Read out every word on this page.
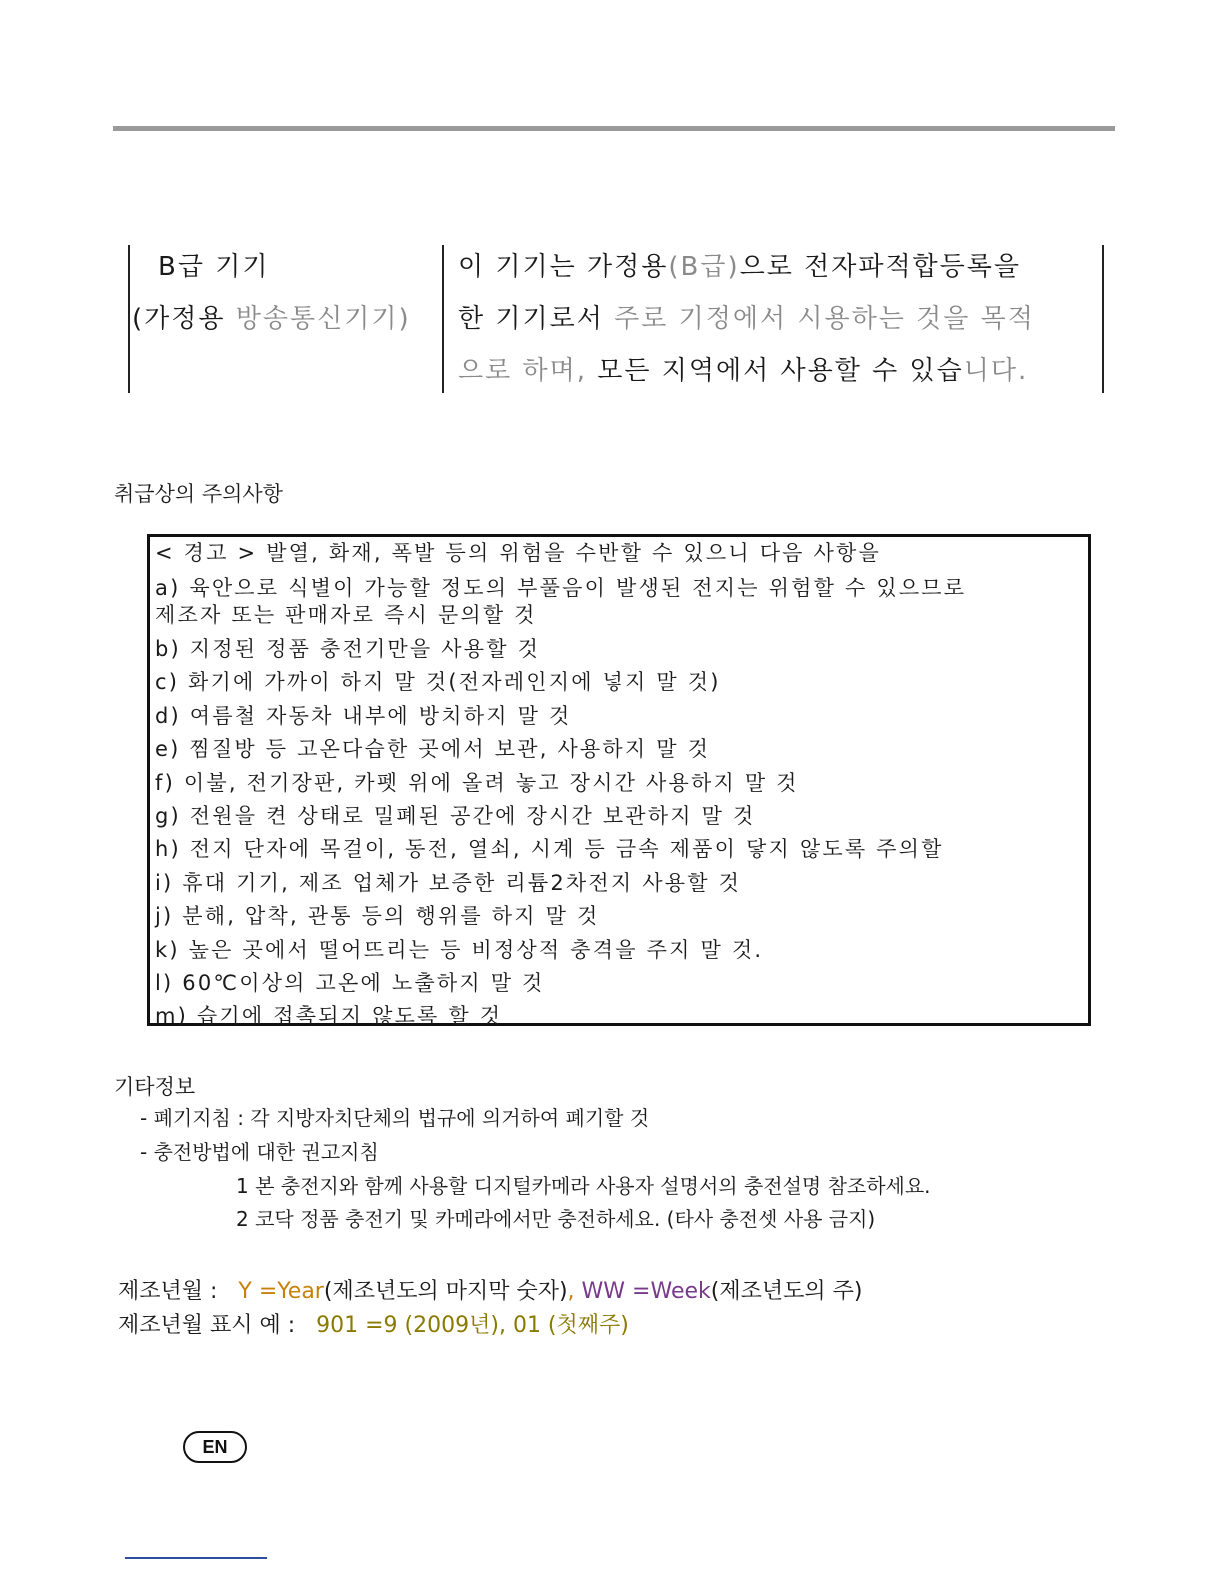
B급 기기
(가정용 방송통신기기)
이 기기는 가정용(B급)으로 전자파적합등록을
한 기기로서 주로 기정에서 시용하는 것을 목적
으로 하며, 모든 지역에서 사용할 수 있습니다.
취급상의 주의사항
< 경고 > 발열, 화재, 폭발 등의 위험을 수반할 수 있으니 다음 사항을
a) 육안으로 식별이 가능할 정도의 부풀음이 발생된 전지는 위험할 수 있으므로
제조자 또는 판매자로 즉시 문의할 것
b) 지정된 정품 충전기만을 사용할 것
c) 화기에 가까이 하지 말 것(전자레인지에 넣지 말 것)
d) 여름철 자동차 내부에 방치하지 말 것
e) 찜질방 등 고온다습한 곳에서 보관, 사용하지 말 것
f) 이불, 전기장판, 카펫 위에 올려 놓고 장시간 사용하지 말 것
g) 전원을 켠 상태로 밀폐된 공간에 장시간 보관하지 말 것
h) 전지 단자에 목걸이, 동전, 열쇠, 시계 등 금속 제품이 닿지 않도록 주의할
i) 휴대 기기, 제조 업체가 보증한 리튬2차전지 사용할 것
j) 분해, 압착, 관통 등의 행위를 하지 말 것
k) 높은 곳에서 떨어뜨리는 등 비정상적 충격을 주지 말 것.
l) 60℃이상의 고온에 노출하지 말 것
m) 습기에 접촉되지 않도록 할 것
기타정보
- 폐기지침 : 각 지방자치단체의 법규에 의거하여 폐기할 것
- 충전방법에 대한 권고지침
1 본 충전지와 함께 사용할 디지털카메라 사용자 설명서의 충전설명 참조하세요.
2 코닥 정품 충전기 및 카메라에서만 충전하세요. (타사 충전셋 사용 금지)
제조년월 : Y =Year(제조년도의 마지막 숫자), WW =Week(제조년도의 주)
제조년월 표시 예 : 901 =9 (2009년), 01 (첫째주)
EN
